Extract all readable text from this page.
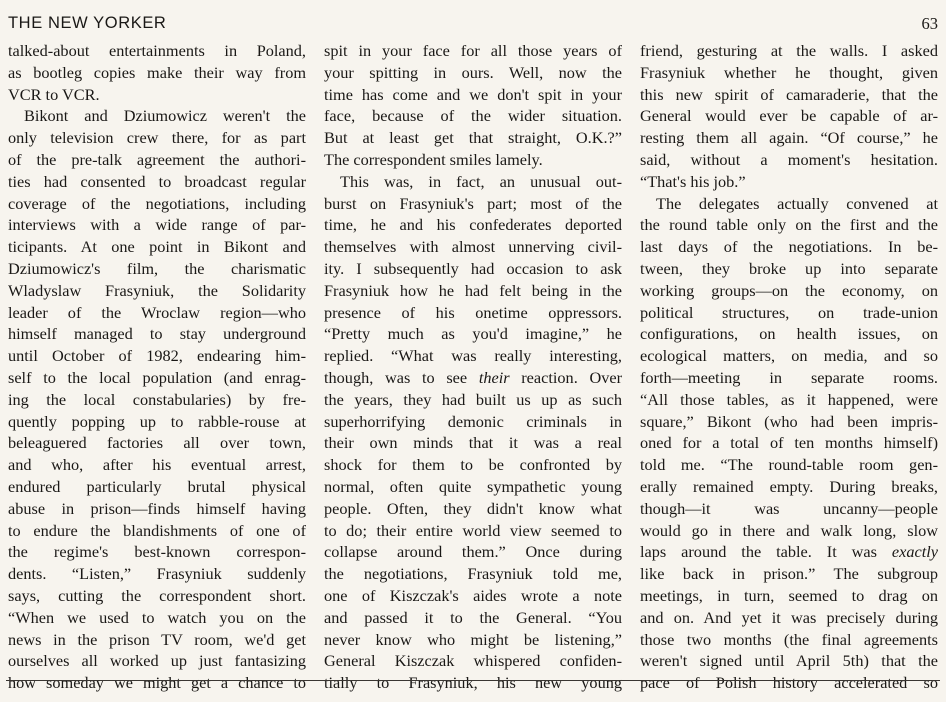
THE NEW YORKER	63
talked-about entertainments in Poland,
as bootleg copies make their way from
VCR to VCR.
Bikont and Dziumowicz weren't the
only television crew there, for as part
of the pre-talk agreement the authori-
ties had consented to broadcast regular
coverage of the negotiations, including
interviews with a wide range of par-
ticipants. At one point in Bikont and
Dziumowicz's film, the charismatic
Wladyslaw Frasyniuk, the Solidarity
leader of the Wroclaw region—who
himself managed to stay underground
until October of 1982, endearing him-
self to the local population (and enrag-
ing the local constabularies) by fre-
quently popping up to rabble-rouse at
beleaguered factories all over town,
and who, after his eventual arrest,
endured particularly brutal physical
abuse in prison—finds himself having
to endure the blandishments of one of
the regime's best-known correspon-
dents. “Listen,” Frasyniuk suddenly
says, cutting the correspondent short.
“When we used to watch you on the
news in the prison TV room, we'd get
ourselves all worked up just fantasizing
how someday we might get a chance to
spit in your face for all those years of
your spitting in ours. Well, now the
time has come and we don't spit in your
face, because of the wider situation.
But at least get that straight, O.K.?”
The correspondent smiles lamely.
This was, in fact, an unusual out-
burst on Frasyniuk's part; most of the
time, he and his confederates deported
themselves with almost unnerving civil-
ity. I subsequently had occasion to ask
Frasyniuk how he had felt being in the
presence of his onetime oppressors.
“Pretty much as you'd imagine,” he
replied. “What was really interesting,
though, was to see their reaction. Over
the years, they had built us up as such
superhorrifying demonic criminals in
their own minds that it was a real
shock for them to be confronted by
normal, often quite sympathetic young
people. Often, they didn't know what
to do; their entire world view seemed to
collapse around them.” Once during
the negotiations, Frasyniuk told me,
one of Kiszczak's aides wrote a note
and passed it to the General. “You
never know who might be listening,”
General Kiszczak whispered confiden-
tially to Frasyniuk, his new young
friend, gesturing at the walls. I asked
Frasyniuk whether he thought, given
this new spirit of camaraderie, that the
General would ever be capable of ar-
resting them all again. “Of course,” he
said, without a moment's hesitation.
“That's his job.”
The delegates actually convened at
the round table only on the first and the
last days of the negotiations. In be-
tween, they broke up into separate
working groups—on the economy, on
political structures, on trade-union
configurations, on health issues, on
ecological matters, on media, and so
forth—meeting in separate rooms.
“All those tables, as it happened, were
square,” Bikont (who had been impris-
oned for a total of ten months himself)
told me. “The round-table room gen-
erally remained empty. During breaks,
though—it was uncanny—people
would go in there and walk long, slow
laps around the table. It was exactly
like back in prison.” The subgroup
meetings, in turn, seemed to drag on
and on. And yet it was precisely during
those two months (the final agreements
weren't signed until April 5th) that the
pace of Polish history accelerated so
